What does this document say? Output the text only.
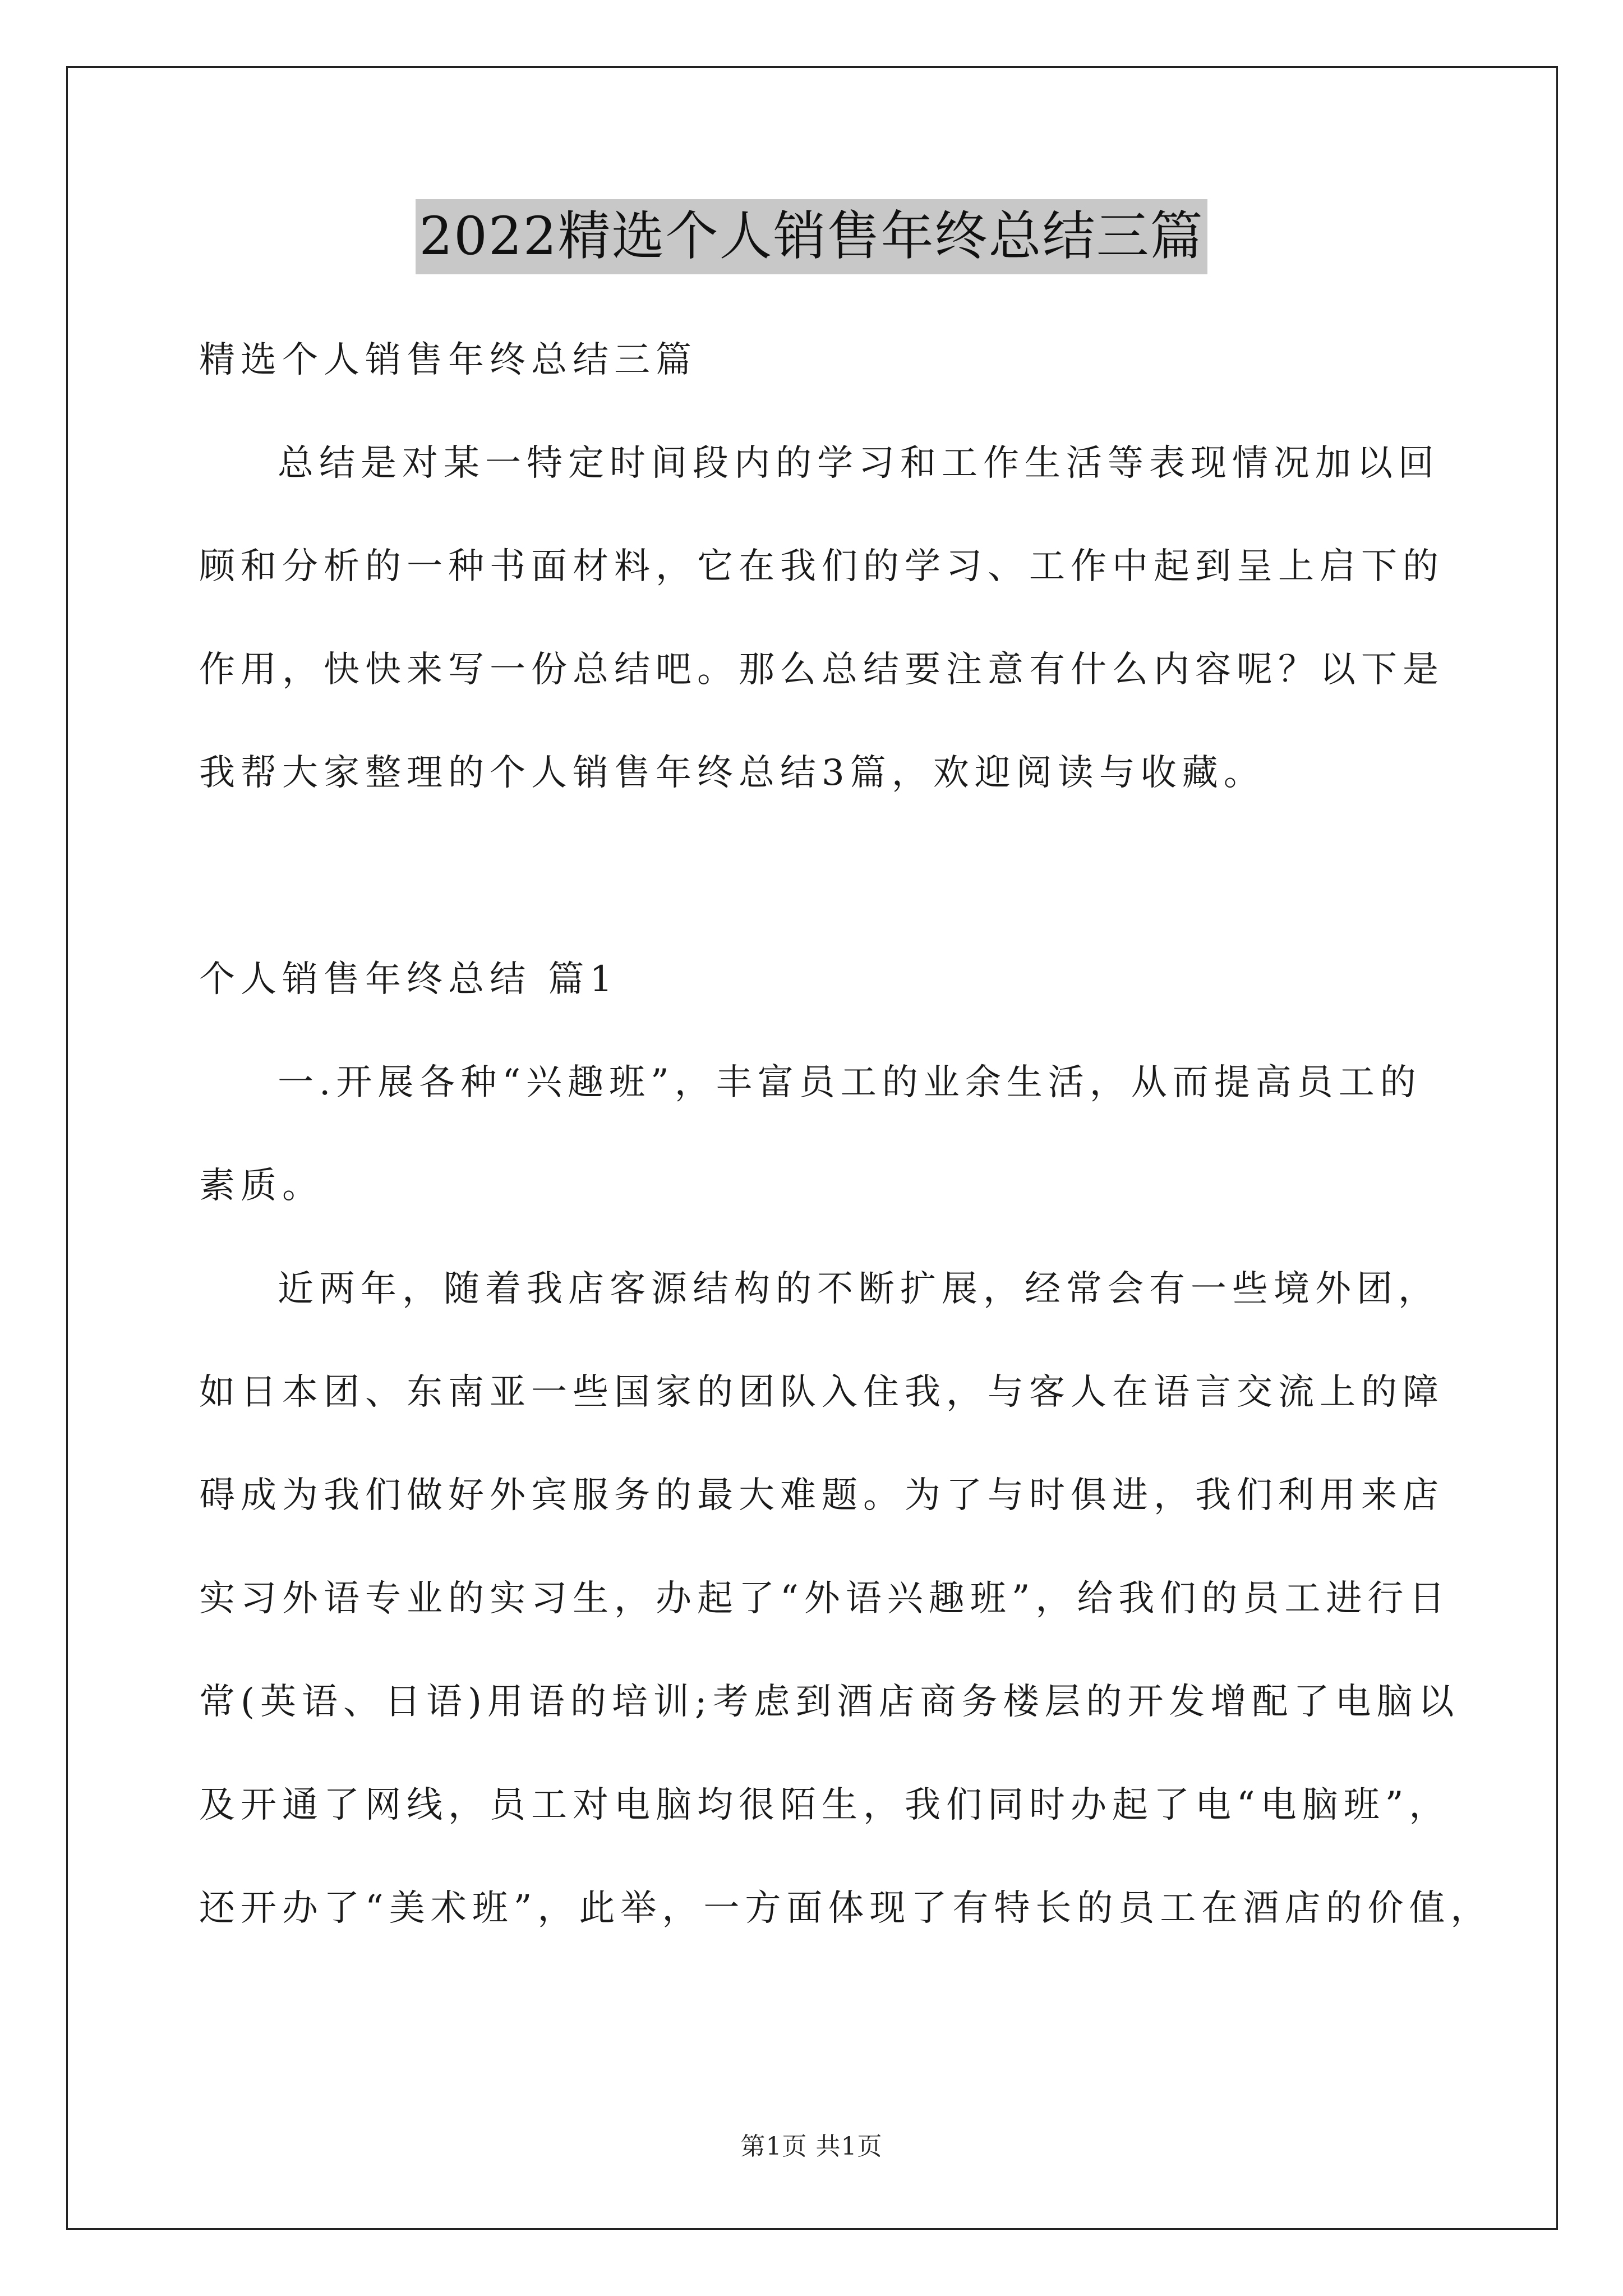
2022精选个人销售年终总结三篇
精选个人销售年终总结三篇
总结是对某一特定时间段内的学习和工作生活等表现情况加以回
顾和分析的一种书面材料，它在我们的学习、工作中起到呈上启下的
作用，快快来写一份总结吧。那么总结要注意有什么内容呢？以下是
我帮大家整理的个人销售年终总结3篇，欢迎阅读与收藏。
个人销售年终总结 篇1
一.开展各种“兴趣班”，丰富员工的业余生活，从而提高员工的
素质。
近两年，随着我店客源结构的不断扩展，经常会有一些境外团，
如日本团、东南亚一些国家的团队入住我，与客人在语言交流上的障
碍成为我们做好外宾服务的最大难题。为了与时俱进，我们利用来店
实习外语专业的实习生，办起了“外语兴趣班”，给我们的员工进行日
常(英语、日语)用语的培训;考虑到酒店商务楼层的开发增配了电脑以
及开通了网线，员工对电脑均很陌生，我们同时办起了电“电脑班”，
还开办了“美术班”，此举，一方面体现了有特长的员工在酒店的价值，
第1页 共1页
